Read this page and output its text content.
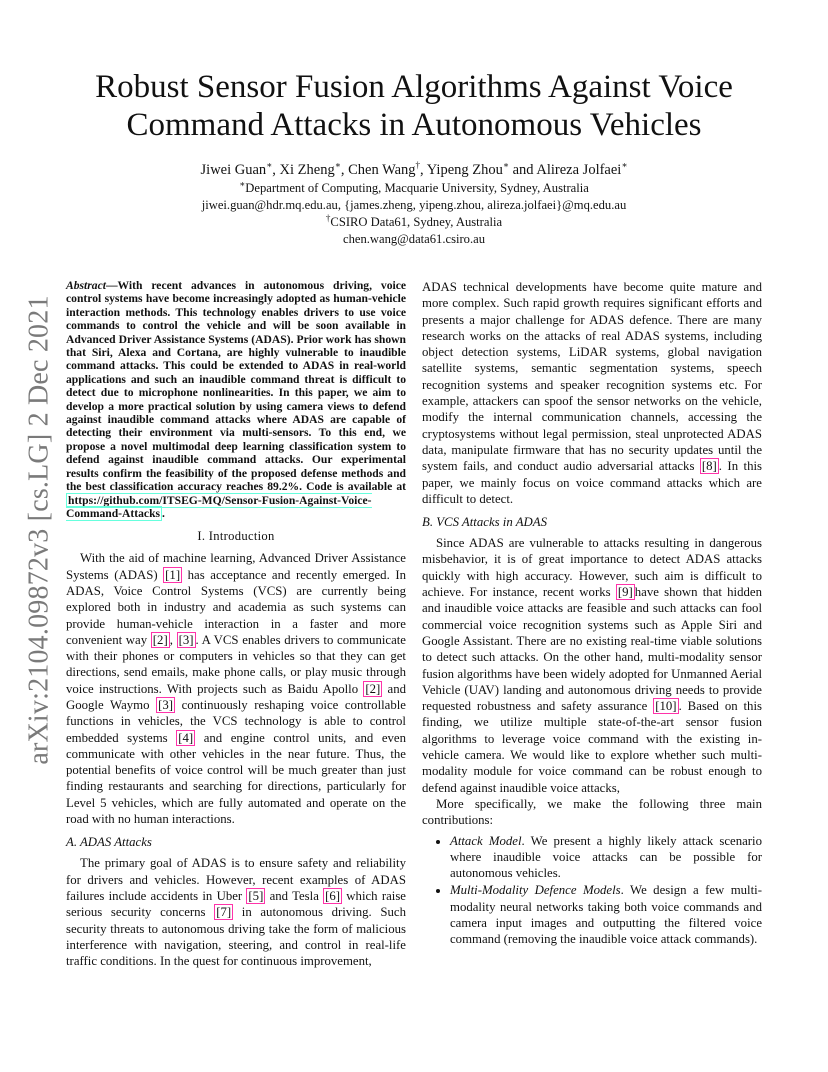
arXiv:2104.09872v3 [cs.LG] 2 Dec 2021
Robust Sensor Fusion Algorithms Against Voice
Command Attacks in Autonomous Vehicles
Jiwei Guan∗, Xi Zheng∗, Chen Wang†, Yipeng Zhou∗ and Alireza Jolfaei∗
∗Department of Computing, Macquarie University, Sydney, Australia
jiwei.guan@hdr.mq.edu.au, {james.zheng, yipeng.zhou, alireza.jolfaei}@mq.edu.au
†CSIRO Data61, Sydney, Australia
chen.wang@data61.csiro.au

Abstract—With recent advances in autonomous driving, voice control systems have become increasingly adopted as human-vehicle interaction methods. This technology enables drivers to use voice commands to control the vehicle and will be soon available in Advanced Driver Assistance Systems (ADAS). Prior work has shown that Siri, Alexa and Cortana, are highly vulnerable to inaudible command attacks. This could be extended to ADAS in real-world applications and such an inaudible command threat is difficult to detect due to microphone nonlinearities. In this paper, we aim to develop a more practical solution by using camera views to defend against inaudible command attacks where ADAS are capable of detecting their environment via multi-sensors. To this end, we propose a novel multimodal deep learning classification system to defend against inaudible command attacks. Our experimental results confirm the feasibility of the proposed defense methods and the best classification accuracy reaches 89.2%. Code is available at https://github.com/ITSEG-MQ/Sensor-Fusion-Against-Voice-Command-Attacks .

I. Introduction

With the aid of machine learning, Advanced Driver Assistance Systems (ADAS) [1] has acceptance and recently emerged. In ADAS, Voice Control Systems (VCS) are currently being explored both in industry and academia as such systems can provide human-vehicle interaction in a faster and more convenient way [2] , [3] . A VCS enables drivers to communicate with their phones or computers in vehicles so that they can get directions, send emails, make phone calls, or play music through voice instructions. With projects such as Baidu Apollo [2] and Google Waymo [3] continuously reshaping voice controllable functions in vehicles, the VCS technology is able to control embedded systems [4] and engine control units, and even communicate with other vehicles in the near future. Thus, the potential benefits of voice control will be much greater than just finding restaurants and searching for directions, particularly for Level 5 vehicles, which are fully automated and operate on the road with no human interactions.

A. ADAS Attacks

The primary goal of ADAS is to ensure safety and reliability for drivers and vehicles. However, recent examples of ADAS failures include accidents in Uber [5] and Tesla [6] which raise serious security concerns [7] in autonomous driving. Such security threats to autonomous driving take the form of malicious interference with navigation, steering, and control in real-life traffic conditions. In the quest for continuous improvement,

ADAS technical developments have become quite mature and more complex. Such rapid growth requires significant efforts and presents a major challenge for ADAS defence. There are many research works on the attacks of real ADAS systems, including object detection systems, LiDAR systems, global navigation satellite systems, semantic segmentation systems, speech recognition systems and speaker recognition systems etc. For example, attackers can spoof the sensor networks on the vehicle, modify the internal communication channels, accessing the cryptosystems without legal permission, steal unprotected ADAS data, manipulate firmware that has no security updates until the system fails, and conduct audio adversarial attacks [8] . In this paper, we mainly focus on voice command attacks which are difficult to detect.

B. VCS Attacks in ADAS

Since ADAS are vulnerable to attacks resulting in dangerous misbehavior, it is of great importance to detect ADAS attacks quickly with high accuracy. However, such aim is difficult to achieve. For instance, recent works [9] have shown that hidden and inaudible voice attacks are feasible and such attacks can fool commercial voice recognition systems such as Apple Siri and Google Assistant. There are no existing real-time viable solutions to detect such attacks. On the other hand, multi-modality sensor fusion algorithms have been widely adopted for Unmanned Aerial Vehicle (UAV) landing and autonomous driving needs to provide requested robustness and safety assurance [10] . Based on this finding, we utilize multiple state-of-the-art sensor fusion algorithms to leverage voice command with the existing in-vehicle camera. We would like to explore whether such multi-modality module for voice command can be robust enough to defend against inaudible voice attacks,

More specifically, we make the following three main contributions:

• Attack Model. We present a highly likely attack scenario where inaudible voice attacks can be possible for autonomous vehicles.
• Multi-Modality Defence Models. We design a few multi-modality neural networks taking both voice commands and camera input images and outputting the filtered voice command (removing the inaudible voice attack commands).
